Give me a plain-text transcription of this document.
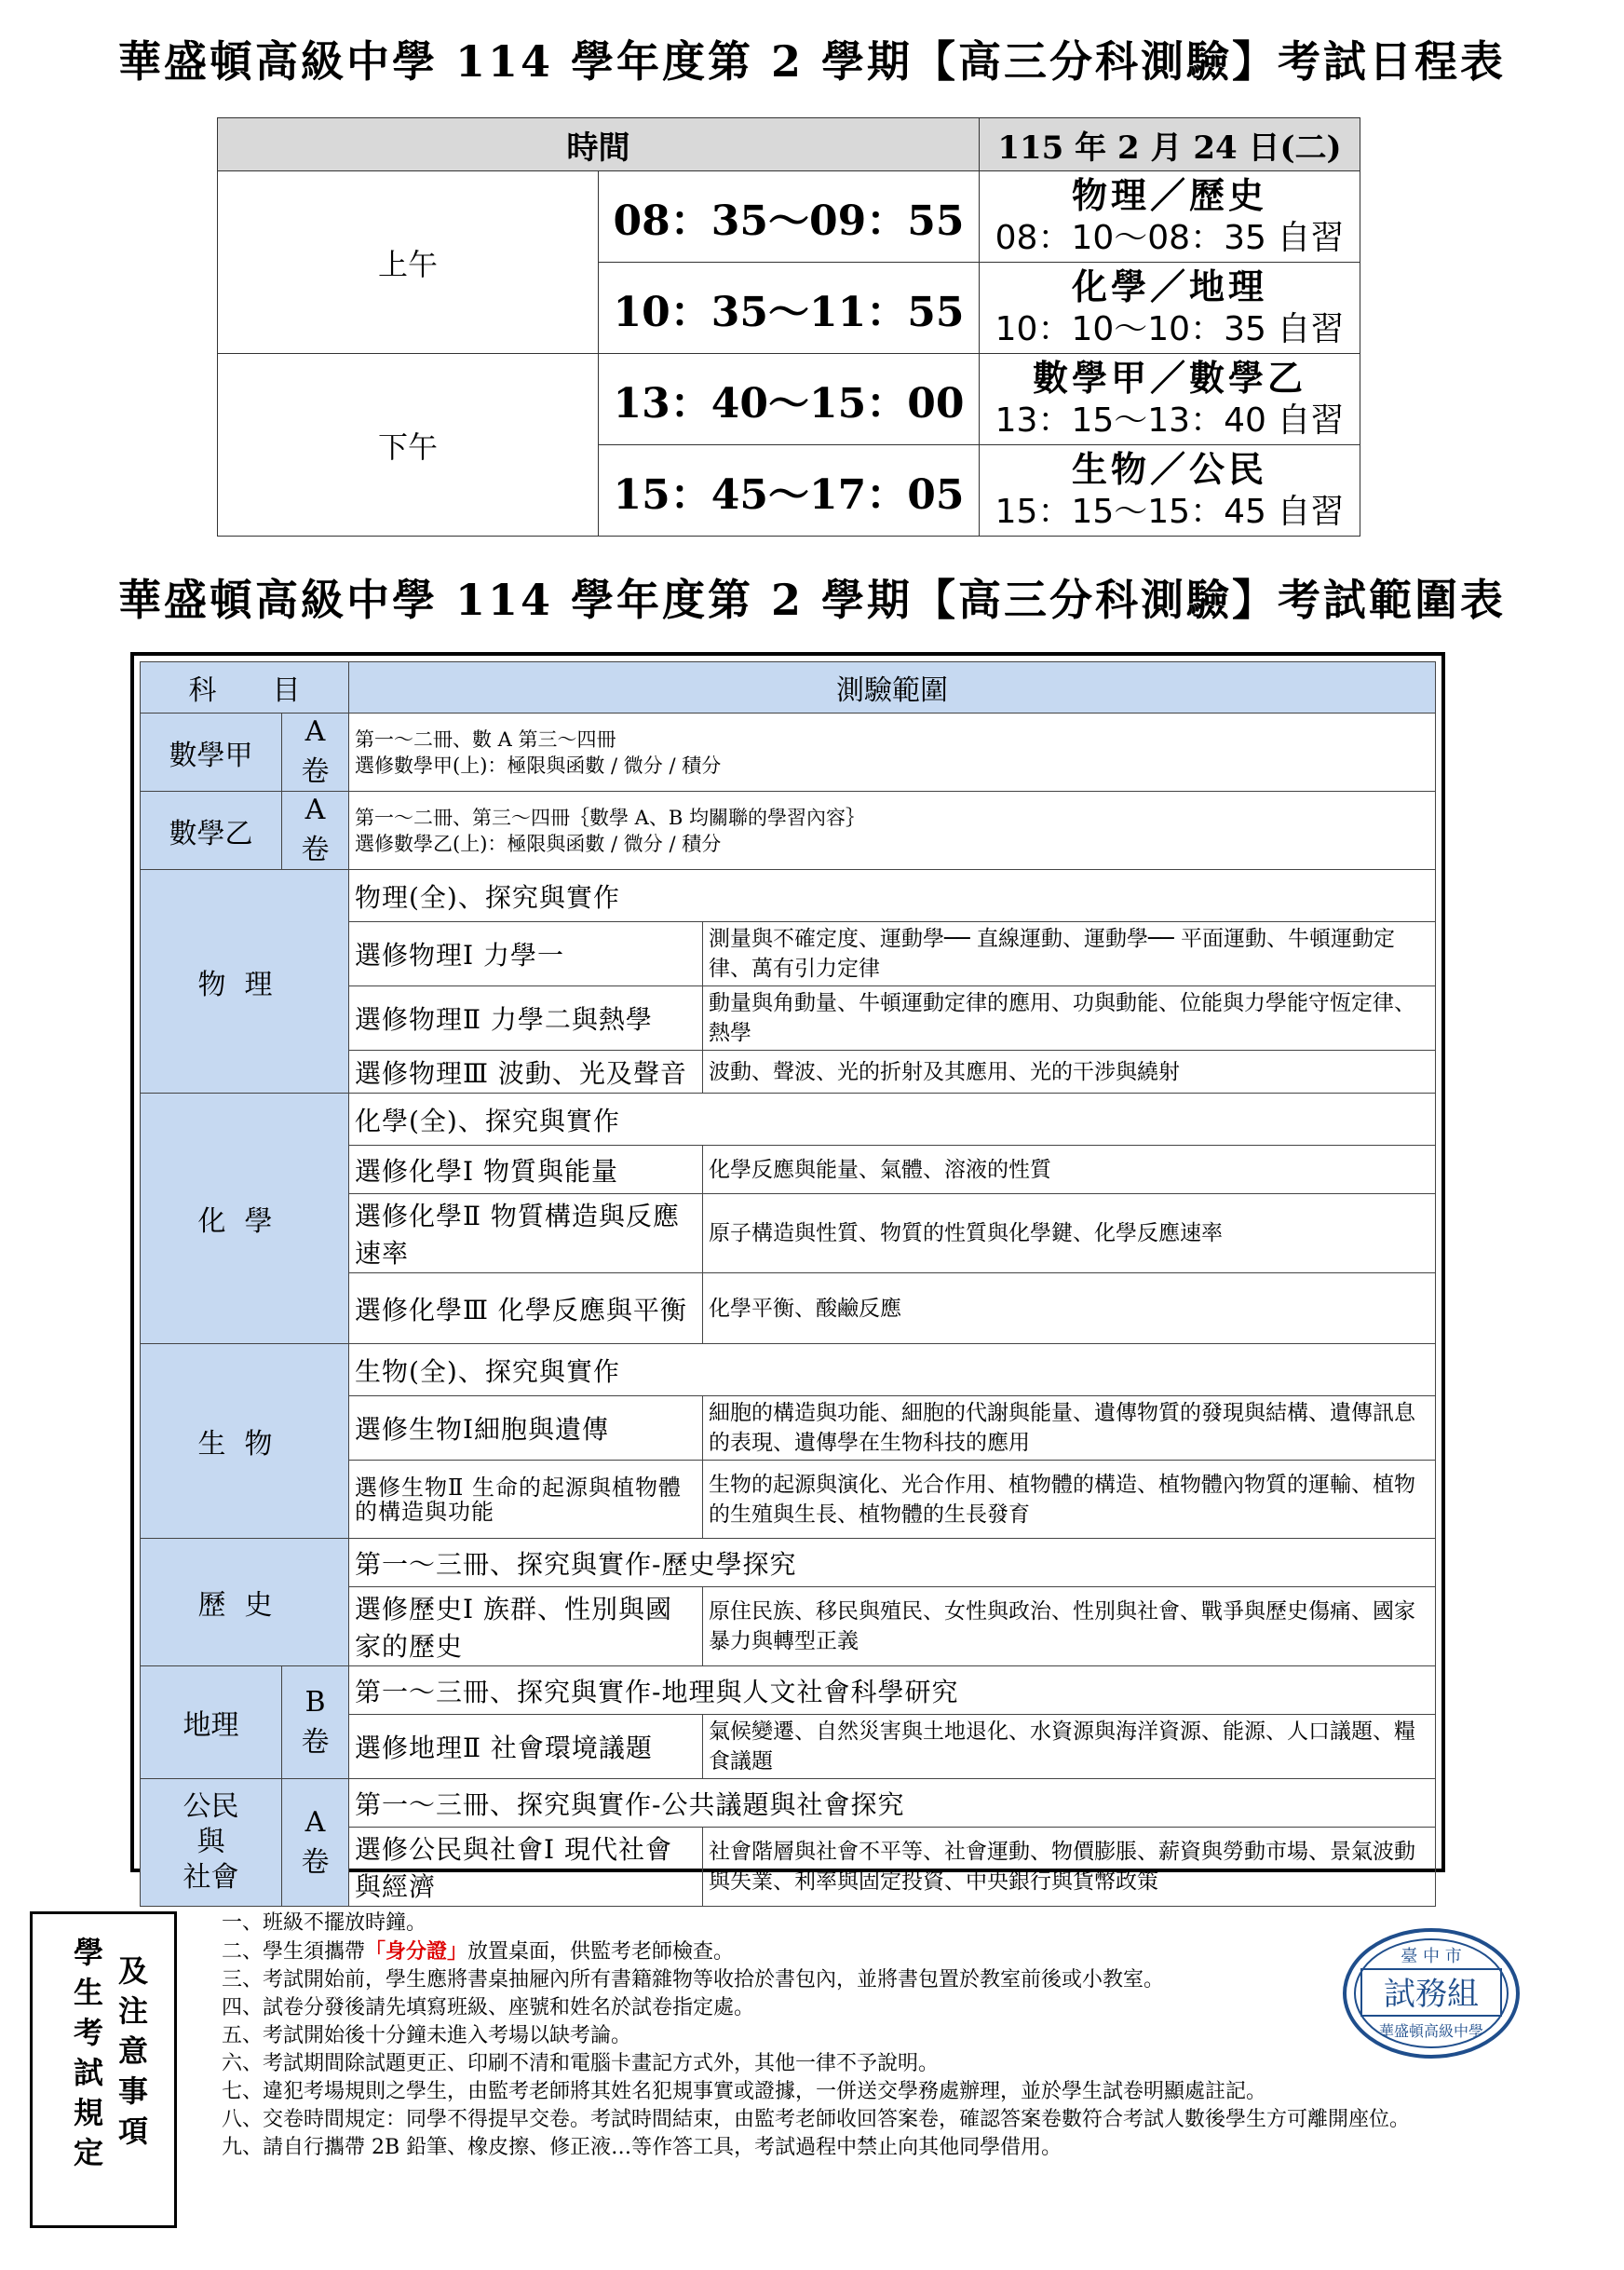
華盛頓高級中學 114 學年度第 2 學期【高三分科測驗】考試日程表
時間		115 年 2 月 24 日(二)
上午	08：35～09：55	物理／歷史
08：10～08：35 自習

	10：35～11：55	化學／地理
10：10～10：35 自習

下午	13：40～15：00	數學甲／數學乙
13：15～13：40 自習

	15：45～17：05	生物／公民
15：15～15：45 自習
華盛頓高級中學 114 學年度第 2 學期【高三分科測驗】考試範圍表
科　　目		測驗範圍	
數學甲	A 卷	第一～二冊、數 A 第三～四冊
選修數學甲(上)：極限與函數 / 微分 / 積分	

數學乙	A 卷	第一～二冊、第三～四冊｛數學 A、B 均關聯的學習內容｝
選修數學乙(上)：極限與函數 / 微分 / 積分	

物理		物理(全)、探究與實作	
		選修物理Ⅰ 力學一	測量與不確定度、運動學── 直線運動、運動學── 平面運動、牛頓運動定律、萬有引力定律
		選修物理Ⅱ 力學二與熱學	動量與角動量、牛頓運動定律的應用、功與動能、位能與力學能守恆定律、熱學
		選修物理Ⅲ 波動、光及聲音	波動、聲波、光的折射及其應用、光的干涉與繞射
化學		化學(全)、探究與實作	
		選修化學Ⅰ 物質與能量	化學反應與能量、氣體、溶液的性質
		選修化學Ⅱ 物質構造與反應速率	原子構造與性質、物質的性質與化學鍵、化學反應速率
		選修化學Ⅲ 化學反應與平衡	化學平衡、酸鹼反應
生物		生物(全)、探究與實作	
		選修生物Ⅰ細胞與遺傳	細胞的構造與功能、細胞的代謝與能量、遺傳物質的發現與結構、遺傳訊息的表現、遺傳學在生物科技的應用
		選修生物Ⅱ 生命的起源與植物體的構造與功能	生物的起源與演化、光合作用、植物體的構造、植物體內物質的運輸、植物的生殖與生長、植物體的生長發育
歷史		第一～三冊、探究與實作-歷史學探究	
		選修歷史Ⅰ 族群、性別與國家的歷史	原住民族、移民與殖民、女性與政治、性別與社會、戰爭與歷史傷痛、國家暴力與轉型正義
地理	B 卷	第一～三冊、探究與實作-地理與人文社會科學研究	
		選修地理Ⅱ 社會環境議題	氣候變遷、自然災害與土地退化、水資源與海洋資源、能源、人口議題、糧食議題

公民
與
社會	A 卷	第一～三冊、探究與實作-公共議題與社會探究	
		選修公民與社會Ⅰ 現代社會與經濟	社會階層與社會不平等、社會運動、物價膨脹、薪資與勞動市場、景氣波動與失業、利率與固定投資、中央銀行與貨幣政策
學
生
考
試
規
定
及
注
意
事
項
一、班級不擺放時鐘。
二、學生須攜帶「身分證」放置桌面，供監考老師檢查。
三、考試開始前，學生應將書桌抽屜內所有書籍雜物等收拾於書包內，並將書包置於教室前後或小教室。
四、試卷分發後請先填寫班級、座號和姓名於試卷指定處。
五、考試開始後十分鐘未進入考場以缺考論。
六、考試期間除試題更正、印刷不清和電腦卡畫記方式外，其他一律不予說明。
七、違犯考場規則之學生，由監考老師將其姓名犯規事實或證據，一併送交學務處辦理，並於學生試卷明顯處註記。
八、交卷時間規定：同學不得提早交卷。考試時間結束，由監考老師收回答案卷，確認答案卷數符合考試人數後學生方可離開座位。
九、請自行攜帶 2B 鉛筆、橡皮擦、修正液…等作答工具，考試過程中禁止向其他同學借用。
臺 中 市
試務組
華盛頓高級中學
